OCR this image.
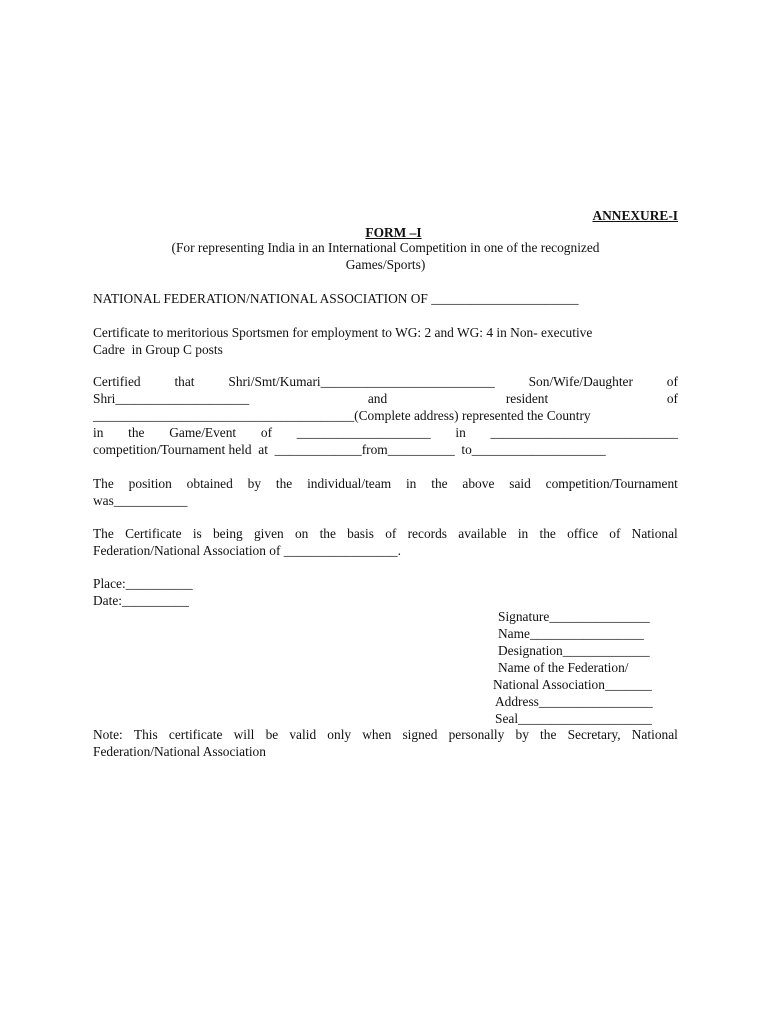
ANNEXURE-I

FORM –I

(For representing India in an International Competition in one of the recognized
Games/Sports)
NATIONAL FEDERATION/NATIONAL ASSOCIATION OF ______________________
Certificate to meritorious Sportsmen for employment to WG: 2 and WG: 4 in Non- executive
Cadre  in Group C posts
Certified	that	Shri/Smt/Kumari__________________________	Son/Wife/Daughter	of
Shri____________________	and	resident	of
_______________________________________(Complete address) represented the Country
in the Game/Event of ____________________ in ____________________________
competition/Tournament held  at  _____________from__________  to____________________
The position obtained by the individual/team in the above said competition/Tournament
was___________
The Certificate is being given on the basis of records available in the office of National
Federation/National Association of _________________.
Place:__________
Date:__________
Signature_______________
Name_________________
Designation_____________
Name of the Federation/
National Association_______
Address_________________
Seal____________________
Note: This certificate will be valid only when signed personally by the Secretary, National
Federation/National Association
